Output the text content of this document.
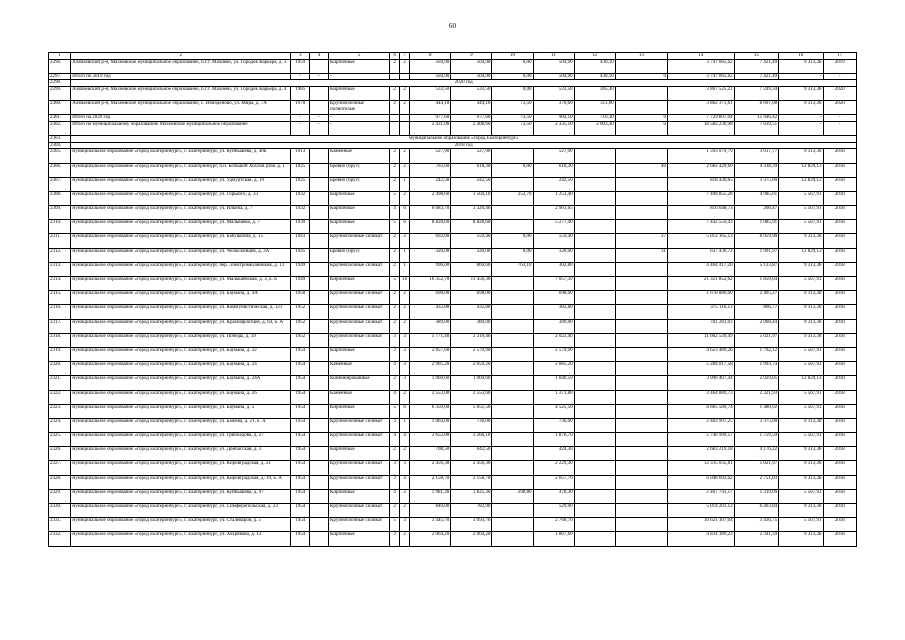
60
1	2	3	4	5	6	7	8	9	10	11	12	13	14	15	16	17
2296.	Аляпаевский р-н, Махнёвское муниципальное образование, п.г.т. Махнёво, ул. Городок Карьера, д. 3	1959		Кирпичные	2	2	504,90	504,90	0,00	504,90	430,10		3 747 065,62	7 421,49	9 313,38	2019
2297.	Итого по 2019 год	-	-	-			504,90	504,90	0,00	504,90	430,10	0	3 747 065,62	7 421,49	-	-
2298.	2020 год															
2299.	Аляпаевский р-н, Махнёвское муниципальное образование, п.г.т. Махнёво, ул. Городок Карьера, д. 4	1985		Кирпичные	2	2	533,50	533,50	0,00	533,50	305,30		3 867 525,21	7 249,34	9 313,38	2020
2300.	Аляпаевский р-н, Махнёвское муниципальное образование, с. Измоденово, ул. Мира, д. 7А	1970		Крупноблочные полнотелые	2	2	444,10	444,10	73,50	370,60	311,00		3 862 371,61	8 697,08	9 313,38	2020
2301.	Итого на 2020 год	-	-	-			977,60	977,60	73,50	904,10	716,30	0	7 729 897,04	15 946,42	-	-
2302.	Итого по муниципальному образованию Махнёвское муниципальное образование	-	-	-			2 431,00	2 408,60	73,50	2 335,10	2 003,30	0	18 582 236,98	7 639,51	-	-
2303.	муниципальное образование «город Екатеринбург»															
2304.	2018 год															
2305.	муниципальное образование «город Екатеринбург», г. Екатеринбург, ул. Куйбышева, д. 40Б	1913		Каменные	2	2	527,90	527,90		527,90			1 593 079,79	3 017,77	9 313,38	2018
2306.	муниципальное образование «город Екатеринбург», г. Екатеринбург, п.п. Большой Хохлов (пов. д. 1	1925		Бревно (брус)	2	2	763,60	618,30	0,00	618,30		40	2 682 429,60	4 338,39	12 829,13	2018
2307.	муниципальное образование «город Екатеринбург», г. Екатеринбург, ул. Удмуртская, д. 19	1925		Бревно (брус)	2	1	242,50	242,50		242,50			818 436,65	3 375,00	12 829,13	2018
2308.	муниципальное образование «город Екатеринбург», г. Екатеринбург, ул. Горького, д. 33	1932		Кирпичные	5	2	2 498,60	1 504,10	253,70	1 251,40			7 498 855,28	4 985,61	5 567,91	2018
2309.	муниципальное образование «город Екатеринбург», г. Екатеринбург, ул. Ильича, д. 7	1932		Кирпичные	4	6	6 683,70	3 320,40		2 961,65			816 648,73	260,47	5 567,91	2018
2310.	муниципальное образование «город Екатеринбург», г. Екатеринбург, ул. Малышева, д. 7	1939		Кирпичные	5	6	8 828,60	8 828,60		5 277,40			7 442 559,43	1 085,91	5 567,91	2018
2311.	муниципальное образование «город Екатеринбург», г. Екатеринбург, ул. Бабушкина, д. 15	1943		Крупноблочные силикат	2	2	692,60	559,40	0,00	559,40		27	5 012 165,13	8 959,90	9 313,38	2018
2312.	муниципальное образование «город Екатеринбург», г. Екатеринбург, ул. Челюскинцев, д. 3А	1945		Бревно (брус)	2	1	320,00	320,00	0,00	320,00		31	637 430,72	1 991,97	12 829,13	2018
2313.	муниципальное образование «город Екатеринбург», г. Екатеринбург, пер. Электромеханичков, д. 13	1949		Крупноблочные силикат	2	1	996,00	869,60	763,10	302,80			4 464 417,20	5 133,87	9 313,38	2018
2314.	муниципальное образование «город Екатеринбург», г. Екатеринбург, ул. Малышевская, д. 3, к. Б	1949		Кирпичные	5	16	16 352,70	11 456,30		7 057,39			21 321 852,62	1 859,64	5 567,91	2018
2315.	муниципальное образование «город Екатеринбург», г. Екатеринбург, ул. Баумана, д. 4А	1950		Крупноблочные силикат	2	2	698,00	698,00		698,00			1 678 880,00	2 405,27	9 313,38	2018
2316.	муниципальное образование «город Екатеринбург», г. Екатеринбург, ул. Коммунистическая, д. 121	1952		Крупноблочные силикат	2	2	432,80	432,80		382,80			375 116,13	866,77	9 313,38	2018
2317.	муниципальное образование «город Екатеринбург», г. Екатеринбург, ул. Краснофлотцев, д. 64, к. А	1952		Крупноблочные силикат	2	2	389,00	389,00		389,00			781 283,03	2 008,44	9 313,38	2018
2318.	муниципальное образование «город Екатеринбург», г. Екатеринбург, ул. Победы, д. 39	1952		Крупноблочные силикат	3	3	5 771,40	2 310,40		2 022,40			11 602 539,49	5 021,97	9 313,38	2018
2319.	муниципальное образование «город Екатеринбург», г. Екатеринбург, ул. Баумана, д. 22	1954		Кирпичные	3	3	2 857,60	2 579,90		2 579,90			4 623 489,26	1 792,12	5 567,91	2018
2320.	муниципальное образование «город Екатеринбург», г. Екатеринбург, ул. Баумана, д. 24	1954		Каменные	4	3	2 905,20	2 659,20		2 085,20			5 284 017,58	1 993,74	5 567,91	2018
2321.	муниципальное образование «город Екатеринбург», г. Екатеринбург, ул. Баумана, д. 24А	1954		Комбинированные	2	3	1 969,60	1 969,60		1 840,59			3 996 407,44	2 029,05	12 829,13	2018
2322.	муниципальное образование «город Екатеринбург», г. Екатеринбург, ул. Баумана, д. 26	1954		Каменные	4	2	2 553,00	2 553,60		1 371,80			3 464 889,73	2 321,93	5 567,91	2018
2323.	муниципальное образование «город Екатеринбург», г. Екатеринбург, ул. Баумана, д. 5	1954		Кирпичные	5	6	6 350,60	5 851,50		4 525,50			8 665 589,74	1 480,92	5 567,91	2018
2324.	муниципальное образование «город Екатеринбург», г. Екатеринбург, ул. Бажова, д. 21, к. А	1954		Крупноблочные силикат	3	1	1 064,00	736,00		736,00			2 483 997,25	3 375,00	9 313,38	2018
2325.	муниципальное образование «город Екатеринбург», г. Екатеринбург, ул. Грибоедова, д. 27	1954		Крупноблочные силикат	4	4	3 652,80	3 266,10		1 876,70			5 746 999,57	1 759,59	5 567,91	2018
2326.	муниципальное образование «город Екатеринбург», г. Екатеринбург, ул. Донбасская, д. 3	1954		Кирпичные	2	2	708,50	642,50		424,30			2 683 219,18	4 176,22	9 313,38	2018
2327.	муниципальное образование «город Екатеринбург», г. Екатеринбург, ул. Кировградская, д. 21	1954		Крупноблочные силикат	3	3	2 456,30	2 456,30		2 229,30			12 335 035,81	5 021,97	9 313,38	2018
2328.	муниципальное образование «город Екатеринбург», г. Екатеринбург, ул. Кировградская, д. 19, к. А	1954		Крупноблочные силикат	3	4	2 158,70	2 158,70		2 057,70			6 048 693,62	2 751,03	9 313,38	2018
2329.	муниципальное образование «город Екатеринбург», г. Екатеринбург, ул. Куйбышева, д. 97	1954		Кирпичные	4	2	1 981,30	1 825,30	298,80	478,30			2 407 743,17	1 319,09	5 567,91	2018
2330.	муниципальное образование «город Екатеринбург», г. Екатеринбург, ул. Симферопольская, д. 23	1954		Крупноблочные силикат	2	2	840,00	783,90		529,00			5 014 203,12	6 403,84	9 313,38	2018
2331.	муниципальное образование «город Екатеринбург», г. Екатеринбург, ул. Сталеваров, д. 5	1954		Крупноблочные силикат	5	3	3 445,70	3 093,70		2 768,70			10 621 107,04	3 436,75	5 567,91	2018
2332.	муниципальное образование «город Екатеринбург», г. Екатеринбург, ул. Хохрякова, д. 12	1954		Кирпичные	3	2	2 064,20	2 064,20		1 867,60			4 834 189,23	2 341,59	9 313,38	2018
